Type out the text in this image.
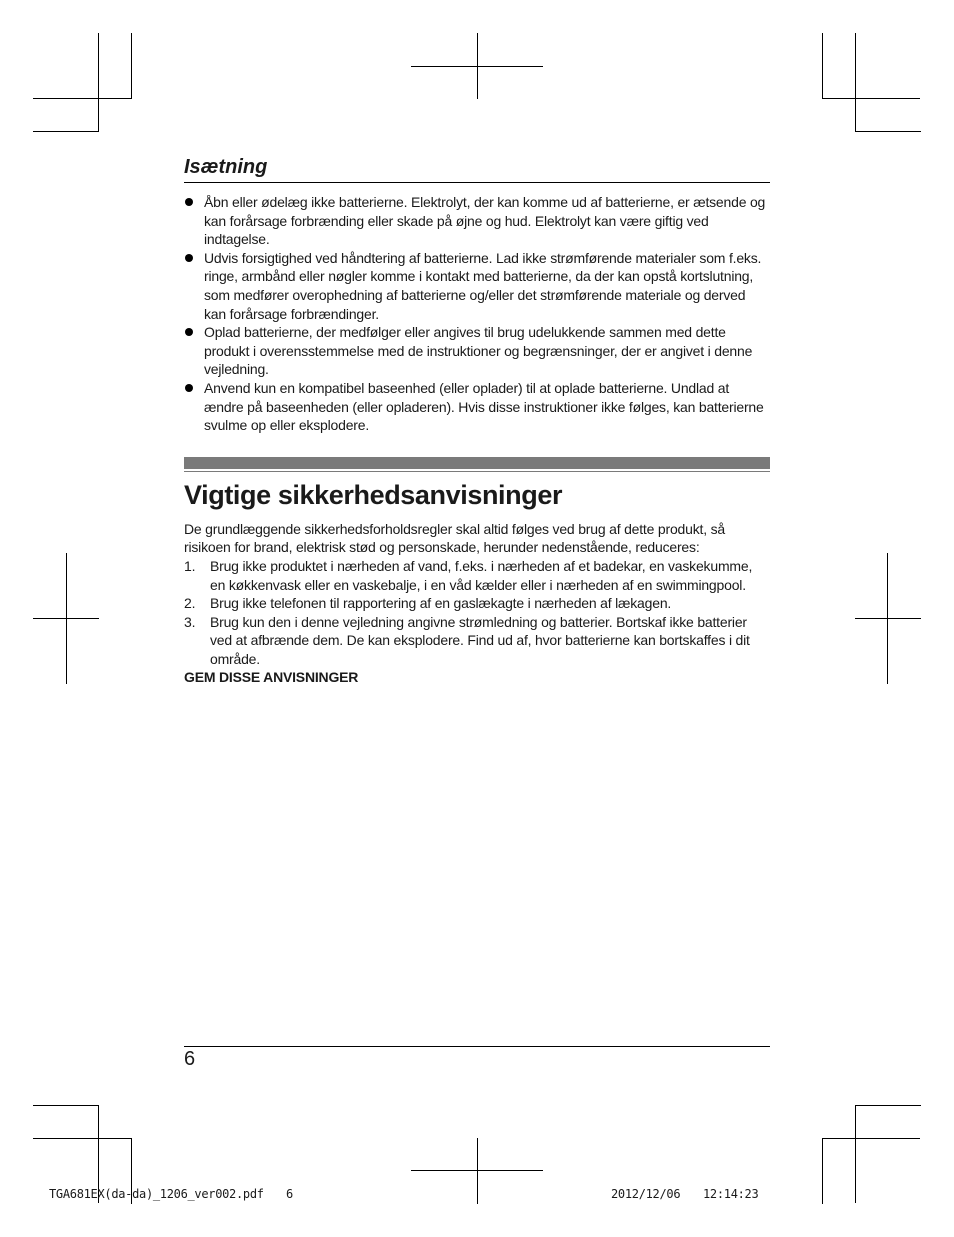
Isætning
Åbn eller ødelæg ikke batterierne. Elektrolyt, der kan komme ud af batterierne, er ætsende og kan forårsage forbrænding eller skade på øjne og hud. Elektrolyt kan være giftig ved indtagelse.
Udvis forsigtighed ved håndtering af batterierne. Lad ikke strømførende materialer som f.eks. ringe, armbånd eller nøgler komme i kontakt med batterierne, da der kan opstå kortslutning, som medfører overophedning af batterierne og/eller det strømførende materiale og derved kan forårsage forbrændinger.
Oplad batterierne, der medfølger eller angives til brug udelukkende sammen med dette produkt i overensstemmelse med de instruktioner og begrænsninger, der er angivet i denne vejledning.
Anvend kun en kompatibel baseenhed (eller oplader) til at oplade batterierne. Undlad at ændre på baseenheden (eller opladeren). Hvis disse instruktioner ikke følges, kan batterierne svulme op eller eksplodere.
Vigtige sikkerhedsanvisninger

De grundlæggende sikkerhedsforholdsregler skal altid følges ved brug af dette produkt, så risikoen for brand, elektrisk stød og personskade, herunder nedenstående, reduceres:

1. Brug ikke produktet i nærheden af vand, f.eks. i nærheden af et badekar, en vaskekumme, en køkkenvask eller en vaskebalje, i en våd kælder eller i nærheden af en swimmingpool.
2. Brug ikke telefonen til rapportering af en gaslækagte i nærheden af lækagen.
3. Brug kun den i denne vejledning angivne strømledning og batterier. Bortskaf ikke batterier ved at afbrænde dem. De kan eksplodere. Find ud af, hvor batterierne kan bortskaffes i dit område.

GEM DISSE ANVISNINGER

6
TGA681EX(da-da)_1206_ver002.pdf 6	2012/12/06 12:14:23
